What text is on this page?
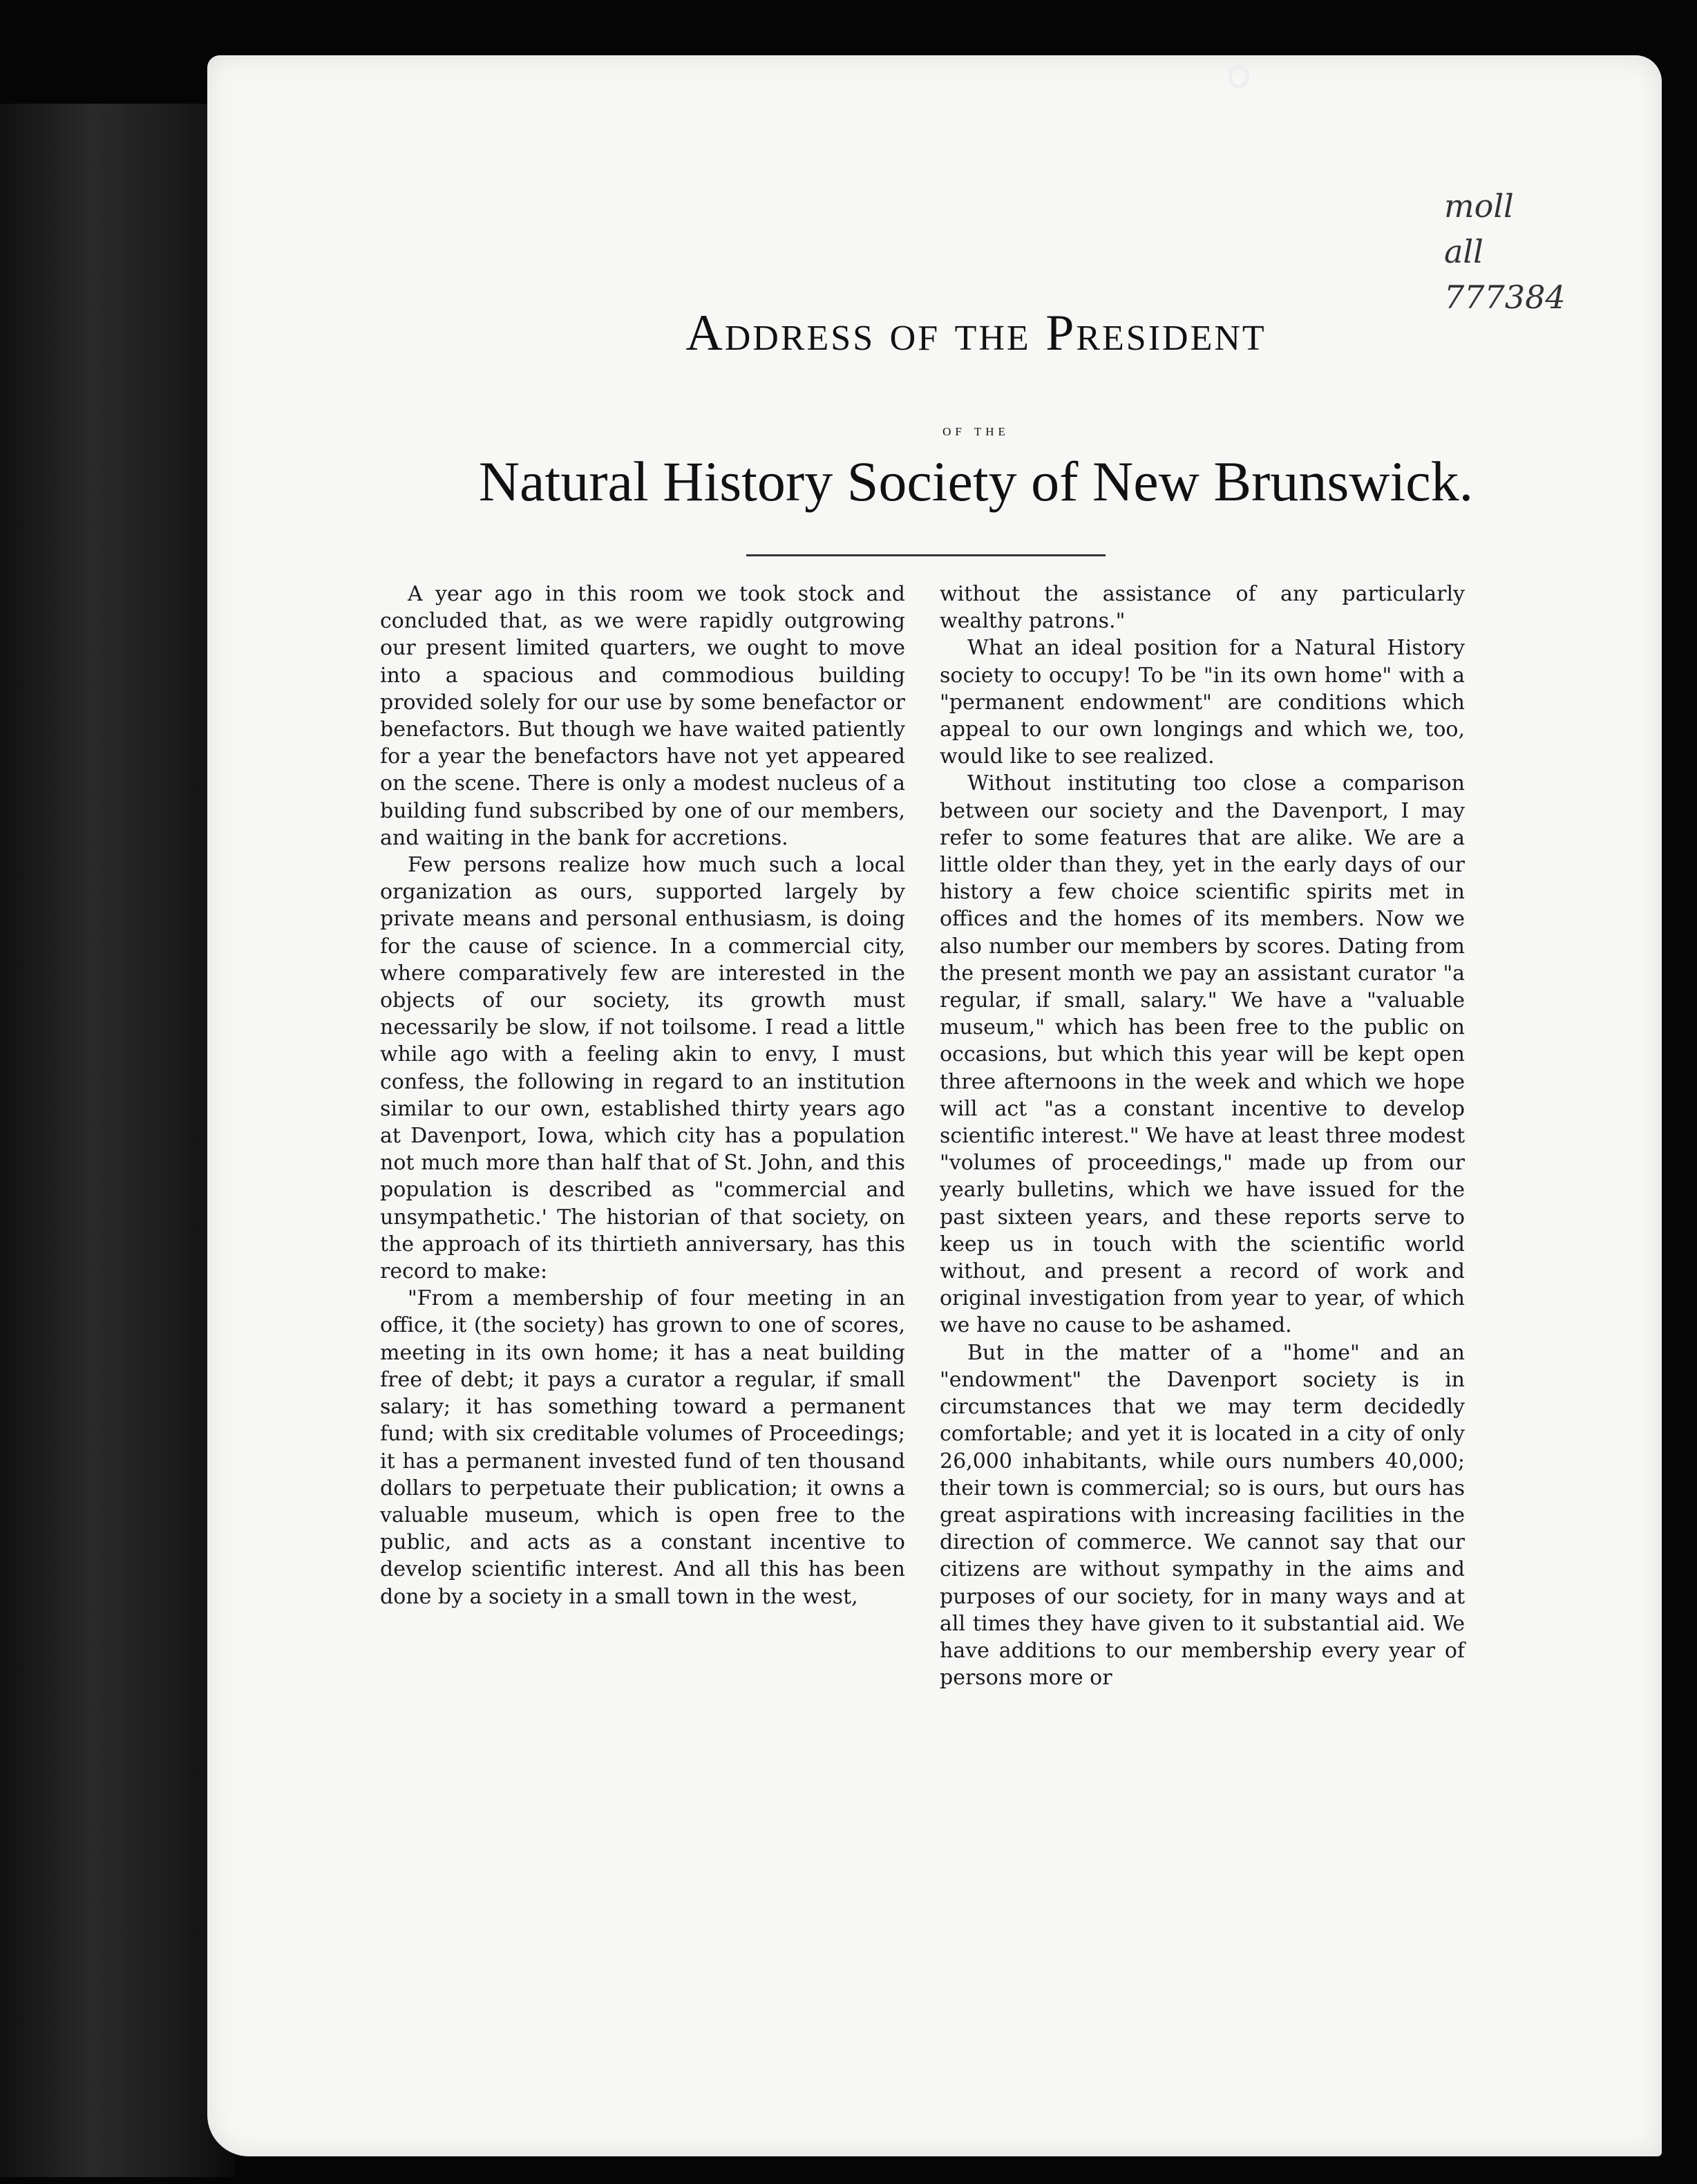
moll
all
777384
Address of the President
of the
Natural History Society of New Brunswick.

A year ago in this room we took stock and concluded that, as we were rapidly outgrowing our present limited quarters, we ought to move into a spacious and commodious building provided solely for our use by some benefactor or benefactors. But though we have waited patiently for a year the benefactors have not yet appeared on the scene. There is only a modest nucleus of a building fund subscribed by one of our members, and waiting in the bank for accretions.

Few persons realize how much such a local organization as ours, supported largely by private means and personal enthusiasm, is doing for the cause of science. In a commercial city, where comparatively few are interested in the objects of our society, its growth must necessarily be slow, if not toilsome. I read a little while ago with a feeling akin to envy, I must confess, the following in regard to an institution similar to our own, established thirty years ago at Davenport, Iowa, which city has a population not much more than half that of St. John, and this population is described as "commercial and unsympathetic.' The historian of that society, on the approach of its thirtieth anniversary, has this record to make:

"From a membership of four meeting in an office, it (the society) has grown to one of scores, meeting in its own home; it has a neat building free of debt; it pays a curator a regular, if small salary; it has something toward a permanent fund; with six creditable volumes of Proceedings; it has a permanent invested fund of ten thousand dollars to perpetuate their publication; it owns a valuable museum, which is open free to the public, and acts as a constant incentive to develop scientific interest. And all this has been done by a society in a small town in the west,

without the assistance of any particularly wealthy patrons."

What an ideal position for a Natural History society to occupy! To be "in its own home" with a "permanent endowment" are conditions which appeal to our own longings and which we, too, would like to see realized.

Without instituting too close a comparison between our society and the Davenport, I may refer to some features that are alike. We are a little older than they, yet in the early days of our history a few choice scientific spirits met in offices and the homes of its members. Now we also number our members by scores. Dating from the present month we pay an assistant curator "a regular, if small, salary." We have a "valuable museum," which has been free to the public on occasions, but which this year will be kept open three afternoons in the week and which we hope will act "as a constant incentive to develop scientific interest." We have at least three modest "volumes of proceedings," made up from our yearly bulletins, which we have issued for the past sixteen years, and these reports serve to keep us in touch with the scientific world without, and present a record of work and original investigation from year to year, of which we have no cause to be ashamed.

But in the matter of a "home" and an "endowment" the Davenport society is in circumstances that we may term decidedly comfortable; and yet it is located in a city of only 26,000 inhabitants, while ours numbers 40,000; their town is commercial; so is ours, but ours has great aspirations with increasing facilities in the direction of commerce. We cannot say that our citizens are without sympathy in the aims and purposes of our society, for in many ways and at all times they have given to it substantial aid. We have additions to our membership every year of persons more or
